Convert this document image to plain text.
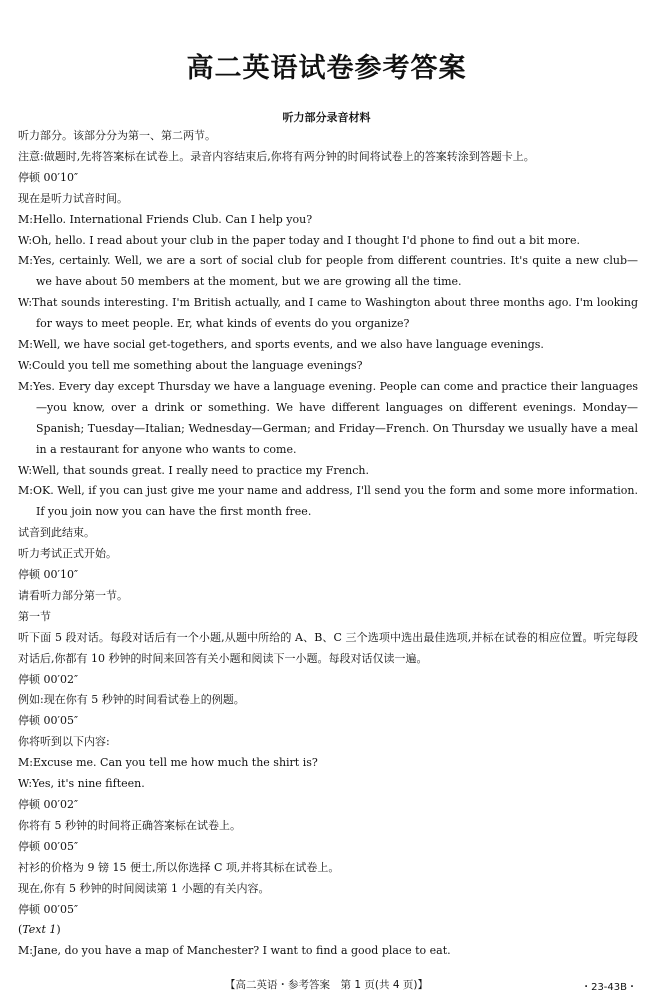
高二英语试卷参考答案
听力部分录音材料

听力部分。该部分分为第一、第二两节。

注意:做题时,先将答案标在试卷上。录音内容结束后,你将有两分钟的时间将试卷上的答案转涂到答题卡上。

停顿 00′10″

现在是听力试音时间。

M:Hello. International Friends Club. Can I help you?

W:Oh, hello. I read about your club in the paper today and I thought I'd phone to find out a bit more.

M:Yes, certainly. Well, we are a sort of social club for people from different countries. It's quite a new club—we have about 50 members at the moment, but we are growing all the time.

W:That sounds interesting. I'm British actually, and I came to Washington about three months ago. I'm looking for ways to meet people. Er, what kinds of events do you organize?

M:Well, we have social get-togethers, and sports events, and we also have language evenings.

W:Could you tell me something about the language evenings?

M:Yes. Every day except Thursday we have a language evening. People can come and practice their languages—you know, over a drink or something. We have different languages on different evenings. Monday—Spanish; Tuesday—Italian; Wednesday—German; and Friday—French. On Thursday we usually have a meal in a restaurant for anyone who wants to come.

W:Well, that sounds great. I really need to practice my French.

M:OK. Well, if you can just give me your name and address, I'll send you the form and some more information. If you join now you can have the first month free.

试音到此结束。

听力考试正式开始。

停顿 00′10″

请看听力部分第一节。

第一节

听下面 5 段对话。每段对话后有一个小题,从题中所给的 A、B、C 三个选项中选出最佳选项,并标在试卷的相应位置。听完每段对话后,你都有 10 秒钟的时间来回答有关小题和阅读下一小题。每段对话仅读一遍。

停顿 00′02″

例如:现在你有 5 秒钟的时间看试卷上的例题。

停顿 00′05″

你将听到以下内容:

M:Excuse me. Can you tell me how much the shirt is?

W:Yes, it's nine fifteen.

停顿 00′02″

你将有 5 秒钟的时间将正确答案标在试卷上。

停顿 00′05″

衬衫的价格为 9 镑 15 便士,所以你选择 C 项,并将其标在试卷上。

现在,你有 5 秒钟的时间阅读第 1 小题的有关内容。

停顿 00′05″

(Text 1)

M:Jane, do you have a map of Manchester? I want to find a good place to eat.

【高二英语・参考答案　第 1 页(共 4 页)】	・23-43B・
